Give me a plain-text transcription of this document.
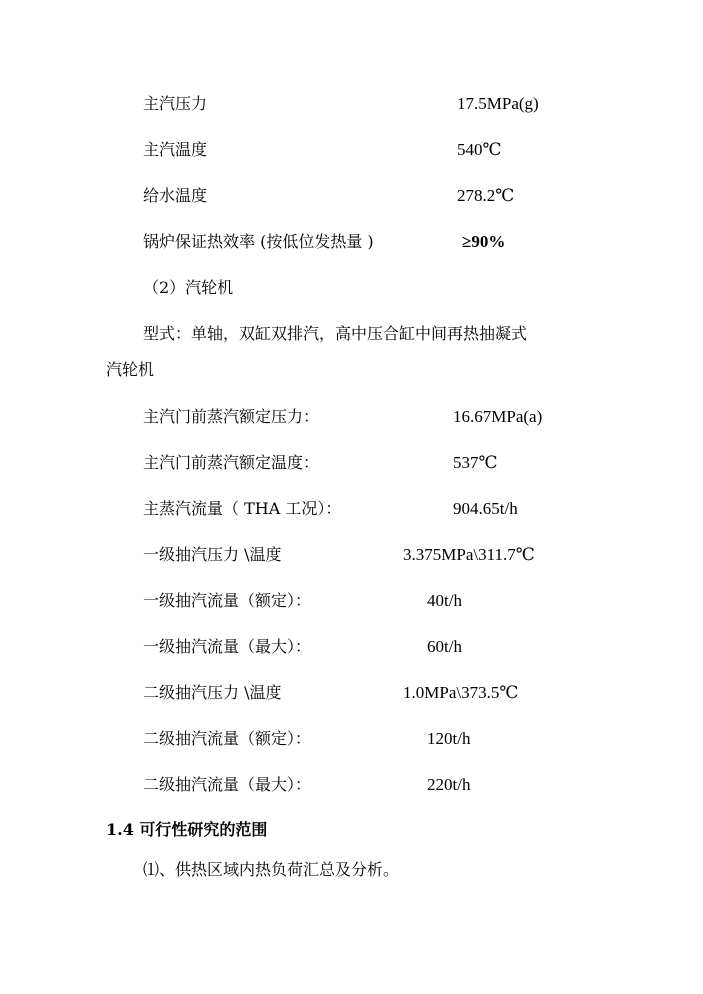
主汽压力	17.5MPa(g)
主汽温度	540℃
给水温度	278.2℃
锅炉保证热效率 (按低位发热量 )	≥90%
（2）汽轮机
型式：单轴，双缸双排汽，高中压合缸中间再热抽凝式
汽轮机
主汽门前蒸汽额定压力：	16.67MPa(a)
主汽门前蒸汽额定温度：	537℃
主蒸汽流量（ THA 工况）：	904.65t/h
一级抽汽压力 \温度	3.375MPa\311.7℃
一级抽汽流量（额定）：	40t/h
一级抽汽流量（最大）：	60t/h
二级抽汽压力 \温度	1.0MPa\373.5℃
二级抽汽流量（额定）：	120t/h
二级抽汽流量（最大）：	220t/h
1.4 可行性研究的范围
⑴、供热区域内热负荷汇总及分析。
